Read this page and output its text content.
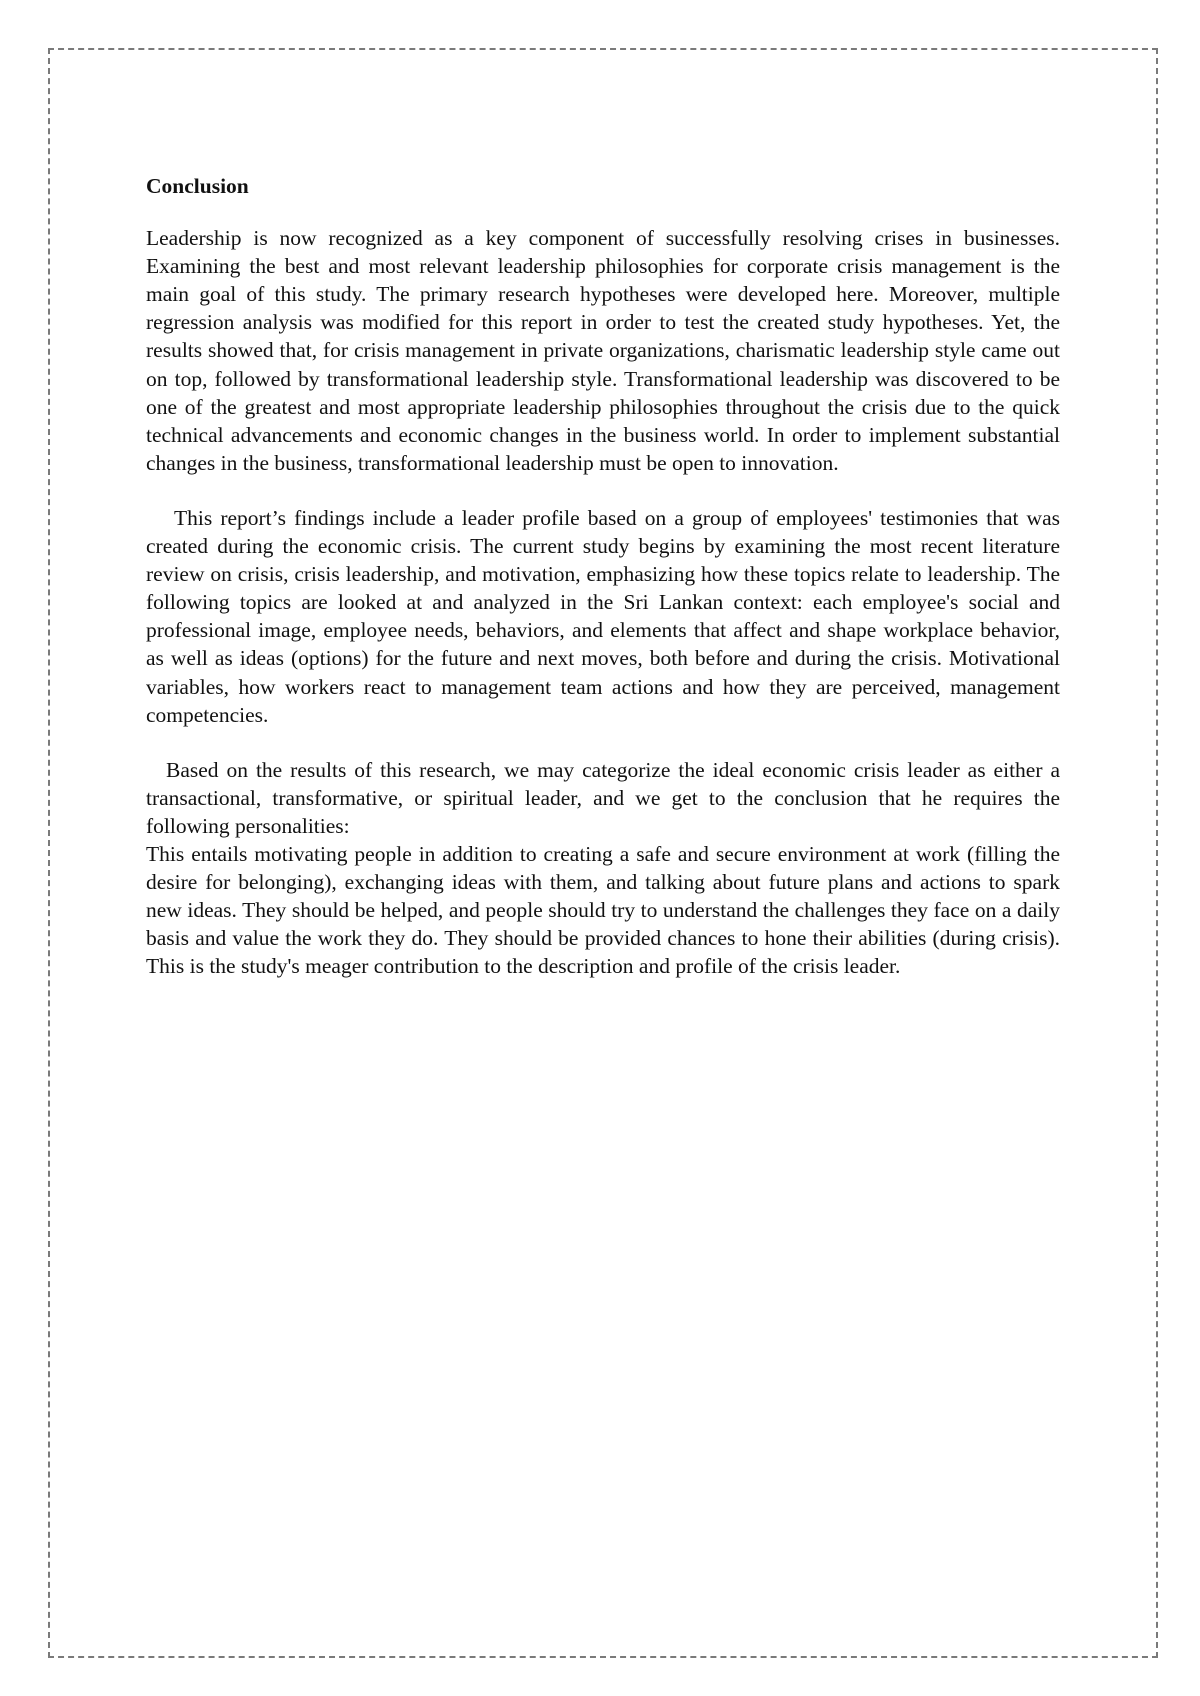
Conclusion

Leadership is now recognized as a key component of successfully resolving crises in businesses. Examining the best and most relevant leadership philosophies for corporate crisis management is the main goal of this study. The primary research hypotheses were developed here. Moreover, multiple regression analysis was modified for this report in order to test the created study hypotheses. Yet, the results showed that, for crisis management in private organizations, charismatic leadership style came out on top, followed by transformational leadership style. Transformational leadership was discovered to be one of the greatest and most appropriate leadership philosophies throughout the crisis due to the quick technical advancements and economic changes in the business world. In order to implement substantial changes in the business, transformational leadership must be open to innovation.

This report’s findings include a leader profile based on a group of employees' testimonies that was created during the economic crisis. The current study begins by examining the most recent literature review on crisis, crisis leadership, and motivation, emphasizing how these topics relate to leadership. The following topics are looked at and analyzed in the Sri Lankan context: each employee's social and professional image, employee needs, behaviors, and elements that affect and shape workplace behavior, as well as ideas (options) for the future and next moves, both before and during the crisis. Motivational variables, how workers react to management team actions and how they are perceived, management competencies.

Based on the results of this research, we may categorize the ideal economic crisis leader as either a transactional, transformative, or spiritual leader, and we get to the conclusion that he requires the following personalities:

This entails motivating people in addition to creating a safe and secure environment at work (filling the desire for belonging), exchanging ideas with them, and talking about future plans and actions to spark new ideas. They should be helped, and people should try to understand the challenges they face on a daily basis and value the work they do. They should be provided chances to hone their abilities (during crisis). This is the study's meager contribution to the description and profile of the crisis leader.
